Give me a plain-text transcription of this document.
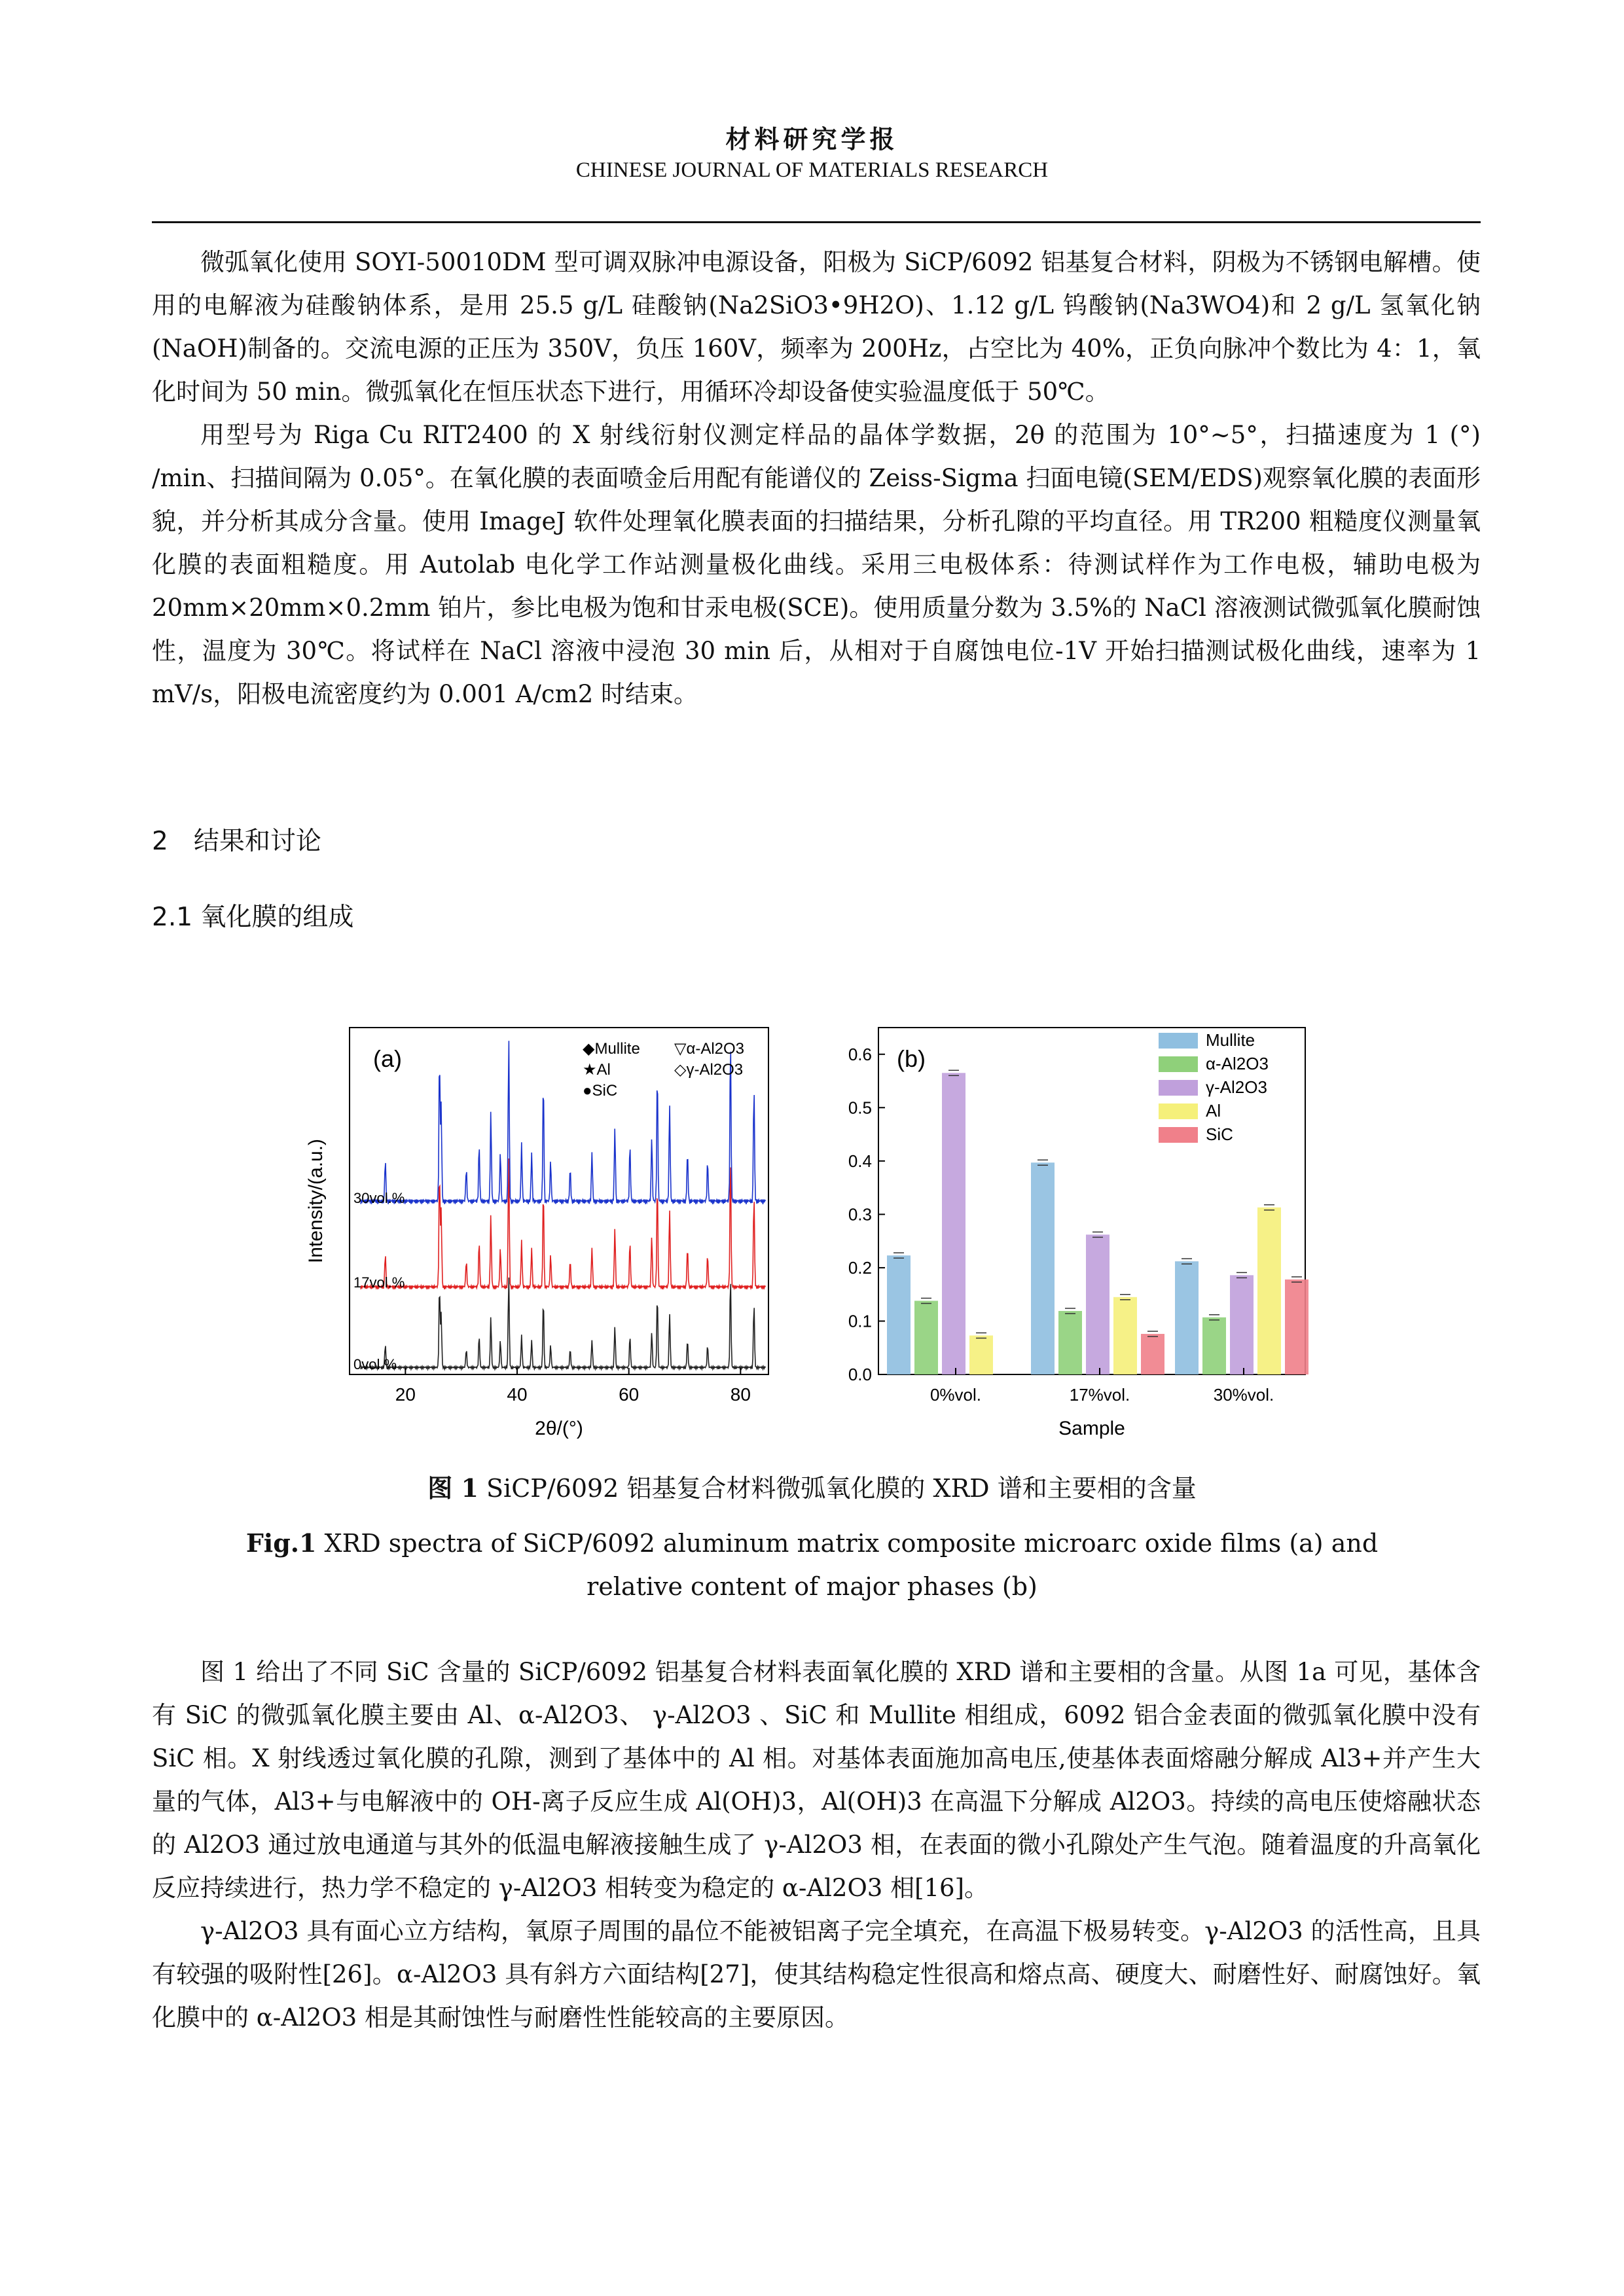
材料研究学报
CHINESE JOURNAL OF MATERIALS RESEARCH

微弧氧化使用 SOYI-50010DM 型可调双脉冲电源设备，阳极为 SiCP/6092 铝基复合材料，阴极为不锈钢电解槽。使用的电解液为硅酸钠体系，是用 25.5 g/L 硅酸钠(Na2SiO3•9H2O)、1.12 g/L 钨酸钠(Na3WO4)和 2 g/L 氢氧化钠(NaOH)制备的。交流电源的正压为 350V，负压 160V，频率为 200Hz，占空比为 40%，正负向脉冲个数比为 4：1，氧化时间为 50 min。微弧氧化在恒压状态下进行，用循环冷却设备使实验温度低于 50℃。

用型号为 Riga Cu RIT2400 的 X 射线衍射仪测定样品的晶体学数据，2θ 的范围为 10°~5°，扫描速度为 1 (°) /min、扫描间隔为 0.05°。在氧化膜的表面喷金后用配有能谱仪的 Zeiss-Sigma 扫面电镜(SEM/EDS)观察氧化膜的表面形貌，并分析其成分含量。使用 ImageJ 软件处理氧化膜表面的扫描结果，分析孔隙的平均直径。用 TR200 粗糙度仪测量氧化膜的表面粗糙度。用 Autolab 电化学工作站测量极化曲线。采用三电极体系：待测试样作为工作电极，辅助电极为 20mm×20mm×0.2mm 铂片，参比电极为饱和甘汞电极(SCE)。使用质量分数为 3.5%的 NaCl 溶液测试微弧氧化膜耐蚀性，温度为 30℃。将试样在 NaCl 溶液中浸泡 30 min 后，从相对于自腐蚀电位-1V 开始扫描测试极化曲线，速率为 1 mV/s，阳极电流密度约为 0.001 A/cm2 时结束。

2　结果和讨论
2.1 氧化膜的组成
(a)
20	40	60	80
2θ/(°)
Intensity/(a.u.) 30vol.%
17vol.%
0vol.%
◆Mullite
★Al
●SiC
▽α-Al2O3
◇γ-Al2O3	(b)
0.0
0.1
0.2
0.3
0.4
0.5
0.6
0%vol.	17%vol.	30%vol.
Mullite
α-Al2O3
γ-Al2O3
Al
SiC
Sample
图 1 SiCP/6092 铝基复合材料微弧氧化膜的 XRD 谱和主要相的含量
Fig.1 XRD spectra of SiCP/6092 aluminum matrix composite microarc oxide films (a) and
relative content of major phases (b)

图 1 给出了不同 SiC 含量的 SiCP/6092 铝基复合材料表面氧化膜的 XRD 谱和主要相的含量。从图 1a 可见，基体含有 SiC 的微弧氧化膜主要由 Al、α-Al2O3、 γ-Al2O3 、SiC 和 Mullite 相组成，6092 铝合金表面的微弧氧化膜中没有 SiC 相。X 射线透过氧化膜的孔隙，测到了基体中的 Al 相。对基体表面施加高电压,使基体表面熔融分解成 Al3+并产生大量的气体，Al3+与电解液中的 OH-离子反应生成 Al(OH)3，Al(OH)3 在高温下分解成 Al2O3。持续的高电压使熔融状态的 Al2O3 通过放电通道与其外的低温电解液接触生成了 γ-Al2O3 相，在表面的微小孔隙处产生气泡。随着温度的升高氧化反应持续进行，热力学不稳定的 γ-Al2O3 相转变为稳定的 α-Al2O3 相[16]。

γ-Al2O3 具有面心立方结构，氧原子周围的晶位不能被铝离子完全填充，在高温下极易转变。γ-Al2O3 的活性高，且具有较强的吸附性[26]。α-Al2O3 具有斜方六面结构[27]，使其结构稳定性很高和熔点高、硬度大、耐磨性好、耐腐蚀好。氧化膜中的 α-Al2O3 相是其耐蚀性与耐磨性性能较高的主要原因。
